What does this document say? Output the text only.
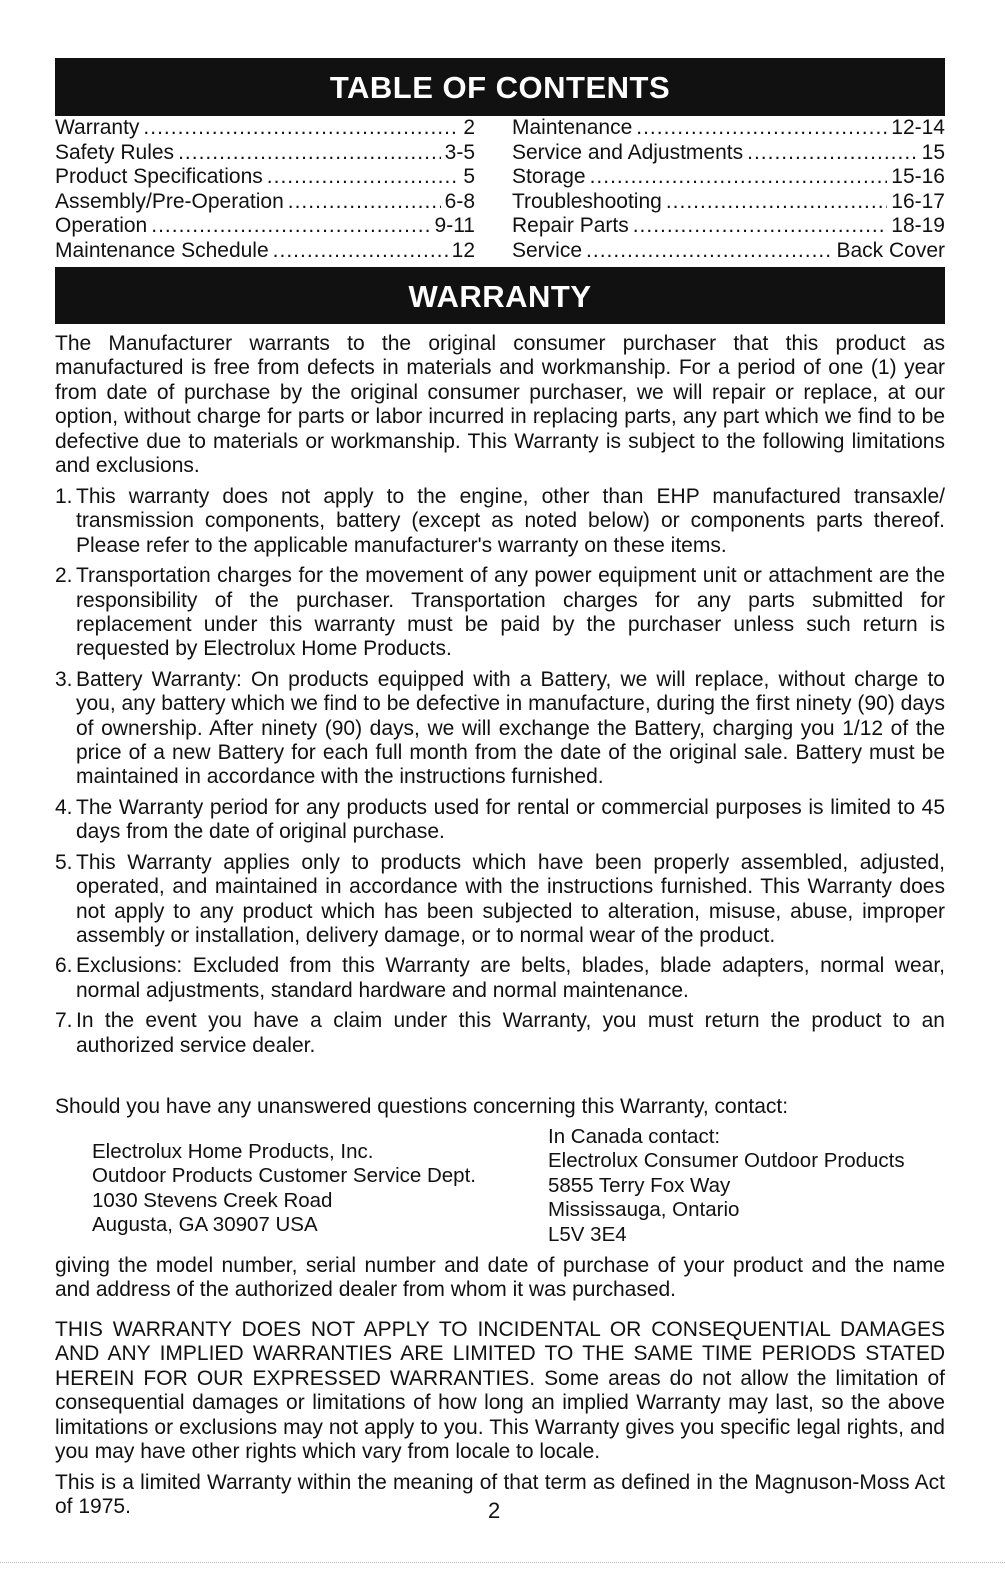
TABLE OF CONTENTS
Warranty .....	2
Safety Rules .....	3-5
Product Specifications .....	5
Assembly/Pre-Operation .....	6-8
Operation .....	9-11
Maintenance Schedule .....	12
Maintenance .....	12-14
Service and Adjustments .....	15
Storage .....	15-16
Troubleshooting .....	16-17
Repair Parts .....	18-19
Service .....	Back Cover
WARRANTY
The Manufacturer warrants to the original consumer purchaser that this product as manufactured is free from defects in materials and workmanship. For a period of one (1) year from date of purchase by the original consumer purchaser, we will repair or replace, at our option, without charge for parts or labor incurred in replacing parts, any part which we find to be defective due to materials or workmanship. This Warranty is subject to the following limitations and exclusions.
1. This warranty does not apply to the engine, other than EHP manufactured transaxle/ transmission components, battery (except as noted below) or components parts thereof. Please refer to the applicable manufacturer's warranty on these items.
2. Transportation charges for the movement of any power equipment unit or attachment are the responsibility of the purchaser. Transportation charges for any parts submitted for replacement under this warranty must be paid by the purchaser unless such return is requested by Electrolux Home Products.
3. Battery Warranty: On products equipped with a Battery, we will replace, without charge to you, any battery which we find to be defective in manufacture, during the first ninety (90) days of ownership. After ninety (90) days, we will exchange the Battery, charging you 1/12 of the price of a new Battery for each full month from the date of the original sale. Battery must be maintained in accordance with the instructions furnished.
4. The Warranty period for any products used for rental or commercial purposes is limited to 45 days from the date of original purchase.
5. This Warranty applies only to products which have been properly assembled, adjusted, operated, and maintained in accordance with the instructions furnished. This Warranty does not apply to any product which has been subjected to alteration, misuse, abuse, improper assembly or installation, delivery damage, or to normal wear of the product.
6. Exclusions: Excluded from this Warranty are belts, blades, blade adapters, normal wear, normal adjustments, standard hardware and normal maintenance.
7. In the event you have a claim under this Warranty, you must return the product to an authorized service dealer.
Should you have any unanswered questions concerning this Warranty, contact:
Electrolux Home Products, Inc.
Outdoor Products Customer Service Dept.
1030 Stevens Creek Road
Augusta, GA 30907 USA
In Canada contact:
Electrolux Consumer Outdoor Products
5855 Terry Fox Way
Mississauga, Ontario
L5V 3E4
giving the model number, serial number and date of purchase of your product and the name and address of the authorized dealer from whom it was purchased.
THIS WARRANTY DOES NOT APPLY TO INCIDENTAL OR CONSEQUENTIAL DAMAGES AND ANY IMPLIED WARRANTIES ARE LIMITED TO THE SAME TIME PERIODS STATED HEREIN FOR OUR EXPRESSED WARRANTIES. Some areas do not allow the limitation of consequential damages or limitations of how long an implied Warranty may last, so the above limitations or exclusions may not apply to you. This Warranty gives you specific legal rights, and you may have other rights which vary from locale to locale.
This is a limited Warranty within the meaning of that term as defined in the Magnuson-Moss Act of 1975.	2
